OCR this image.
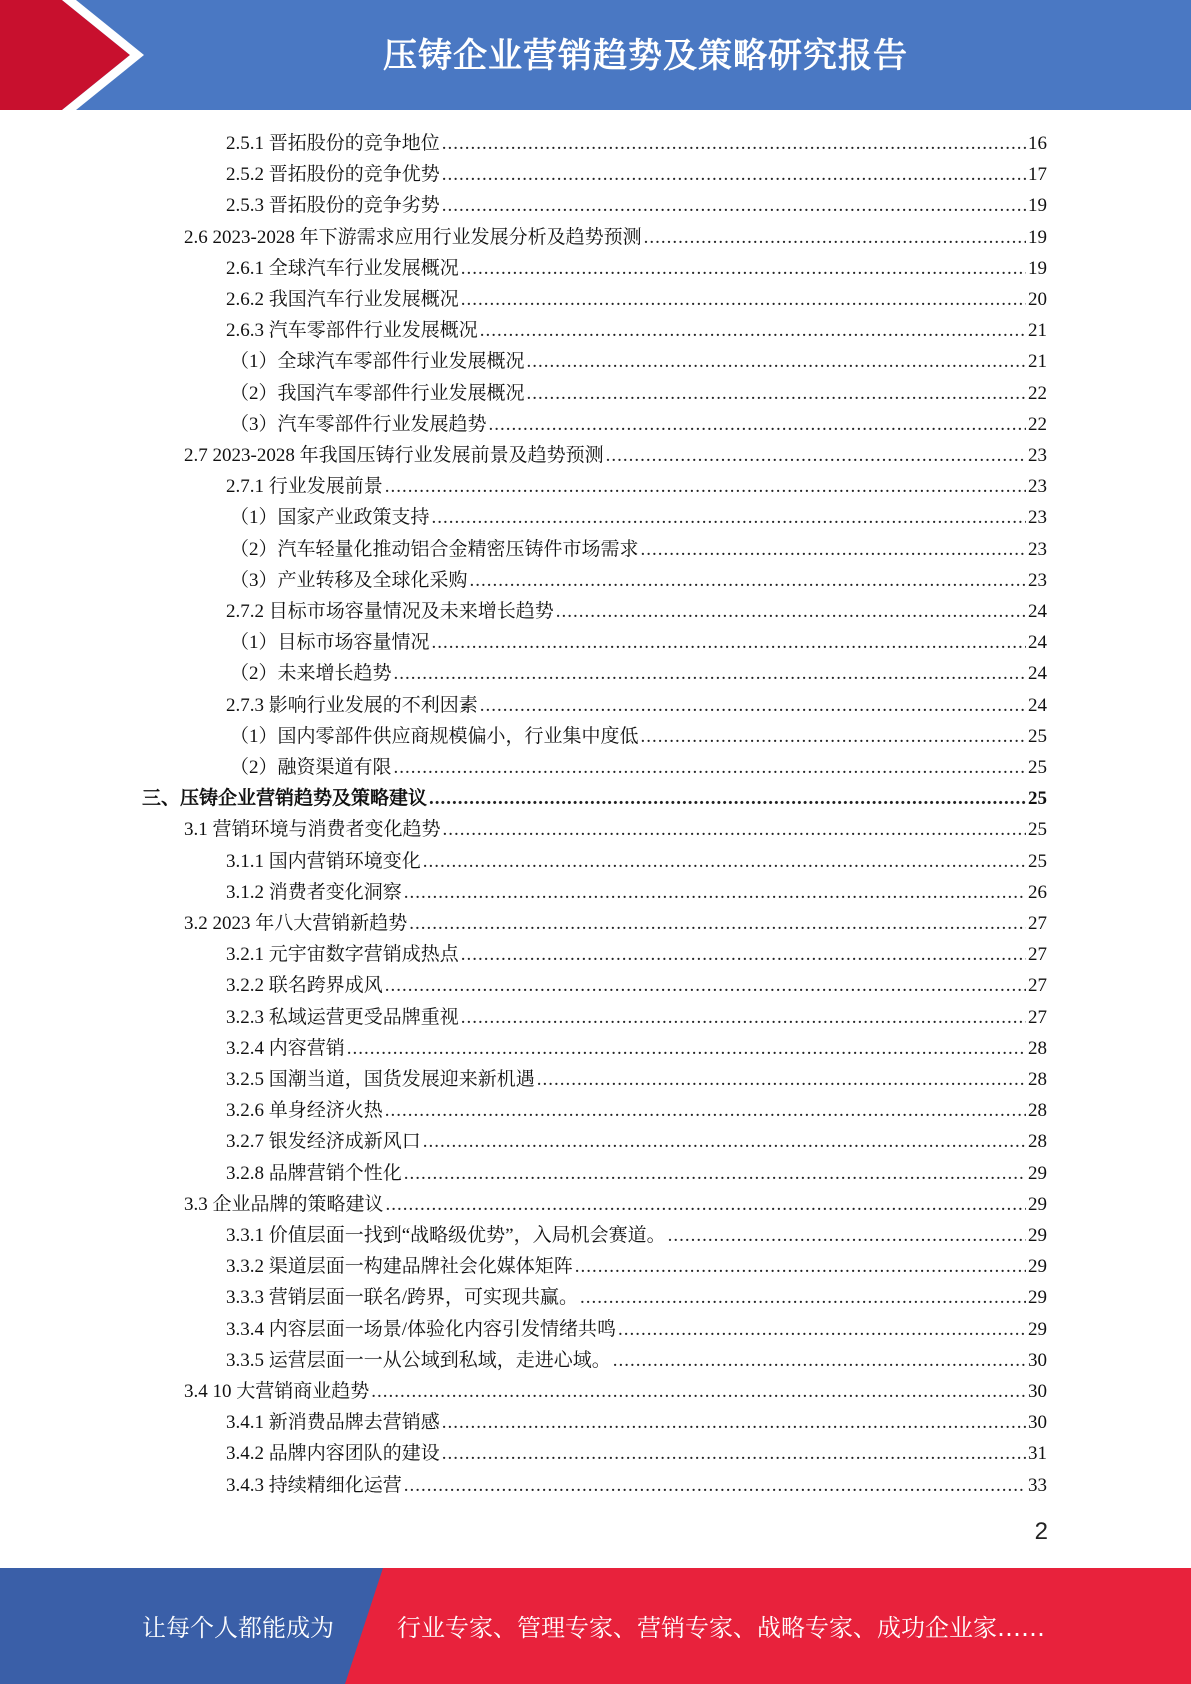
压铸企业营销趋势及策略研究报告
2.5.1 晋拓股份的竞争地位 .....	16
2.5.2 晋拓股份的竞争优势 .....	17
2.5.3 晋拓股份的竞争劣势 .....	19
2.6 2023-2028 年下游需求应用行业发展分析及趋势预测 .....	19
2.6.1 全球汽车行业发展概况 .....	19
2.6.2 我国汽车行业发展概况 .....	20
2.6.3 汽车零部件行业发展概况 .....	21
（1）全球汽车零部件行业发展概况 .....	21
（2）我国汽车零部件行业发展概况 .....	22
（3）汽车零部件行业发展趋势 .....	22
2.7 2023-2028 年我国压铸行业发展前景及趋势预测 .....	23
2.7.1 行业发展前景 .....	23
（1）国家产业政策支持 .....	23
（2）汽车轻量化推动铝合金精密压铸件市场需求 .....	23
（3）产业转移及全球化采购 .....	23
2.7.2 目标市场容量情况及未来增长趋势 .....	24
（1）目标市场容量情况 .....	24
（2）未来增长趋势 .....	24
2.7.3 影响行业发展的不利因素 .....	24
（1）国内零部件供应商规模偏小，行业集中度低 .....	25
（2）融资渠道有限 .....	25
三、压铸企业营销趋势及策略建议 .....	25
3.1 营销环境与消费者变化趋势 .....	25
3.1.1 国内营销环境变化 .....	25
3.1.2 消费者变化洞察 .....	26
3.2 2023 年八大营销新趋势 .....	27
3.2.1 元宇宙数字营销成热点 .....	27
3.2.2 联名跨界成风 .....	27
3.2.3 私域运营更受品牌重视 .....	27
3.2.4 内容营销 .....	28
3.2.5 国潮当道，国货发展迎来新机遇 .....	28
3.2.6 单身经济火热 .....	28
3.2.7 银发经济成新风口 .....	28
3.2.8 品牌营销个性化 .....	29
3.3 企业品牌的策略建议 .....	29
3.3.1 价值层面一找到“战略级优势”，入局机会赛道。 .....	29
3.3.2 渠道层面一构建品牌社会化媒体矩阵 .....	29
3.3.3 营销层面一联名/跨界，可实现共赢。 .....	29
3.3.4 内容层面一场景/体验化内容引发情绪共鸣 .....	29
3.3.5 运营层面一一从公域到私域，走进心域。 .....	30
3.4 10 大营销商业趋势 .....	30
3.4.1 新消费品牌去营销感 .....	30
3.4.2 品牌内容团队的建设 .....	31
3.4.3 持续精细化运营 .....	33
2
让每个人都能成为	行业专家、管理专家、营销专家、战略专家、成功企业家……
